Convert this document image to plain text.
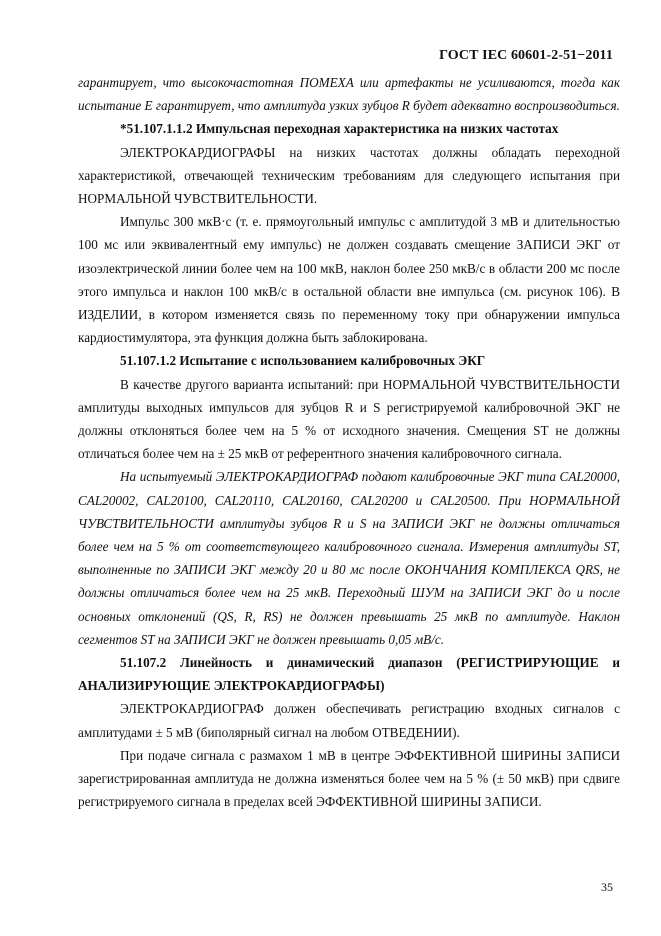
ГОСТ IEC 60601-2-51−2011

гарантирует, что высокочастотная ПОМЕХА или артефакты не усиливаются, тогда как испытание Е гарантирует, что амплитуда узких зубцов R будет адекватно воспроизводиться.

*51.107.1.1.2 Импульсная переходная характеристика на низких частотах

ЭЛЕКТРОКАРДИОГРАФЫ на низких частотах должны обладать переходной характеристикой, отвечающей техническим требованиям для следующего испытания при НОРМАЛЬНОЙ ЧУВСТВИТЕЛЬНОСТИ.

Импульс 300 мкВ·с (т. е. прямоугольный импульс с амплитудой 3 мВ и длительностью 100 мс или эквивалентный ему импульс) не должен создавать смещение ЗАПИСИ ЭКГ от изоэлектрической линии более чем на 100 мкВ, наклон более 250 мкВ/с в области 200 мс после этого импульса и наклон 100 мкВ/с в остальной области вне импульса (см. рисунок 106). В ИЗДЕЛИИ, в котором изменяется связь по переменному току при обнаружении импульса кардиостимулятора, эта функция должна быть заблокирована.

51.107.1.2 Испытание с использованием калибровочных ЭКГ

В качестве другого варианта испытаний: при НОРМАЛЬНОЙ ЧУВСТВИТЕЛЬНОСТИ амплитуды выходных импульсов для зубцов R и S регистрируемой калибровочной ЭКГ не должны отклоняться более чем на 5 % от исходного значения. Смещения ST не должны отличаться более чем на ± 25 мкВ от референтного значения калибровочного сигнала.

На испытуемый ЭЛЕКТРОКАРДИОГРАФ подают калибровочные ЭКГ типа CAL20000, CAL20002, CAL20100, CAL20110, CAL20160, CAL20200 и CAL20500. При НОРМАЛЬНОЙ ЧУВСТВИТЕЛЬНОСТИ амплитуды зубцов R и S на ЗАПИСИ ЭКГ не должны отличаться более чем на 5 % от соответствующего калибровочного сигнала. Измерения амплитуды ST, выполненные по ЗАПИСИ ЭКГ между 20 и 80 мс после ОКОНЧАНИЯ КОМПЛЕКСА QRS, не должны отличаться более чем на 25 мкВ. Переходный ШУМ на ЗАПИСИ ЭКГ до и после основных отклонений (QS, R, RS) не должен превышать 25 мкВ по амплитуде. Наклон сегментов ST на ЗАПИСИ ЭКГ не должен превышать 0,05 мВ/с.

51.107.2 Линейность и динамический диапазон (РЕГИСТРИРУЮЩИЕ и АНАЛИЗИРУЮЩИЕ ЭЛЕКТРОКАРДИОГРАФЫ)

ЭЛЕКТРОКАРДИОГРАФ должен обеспечивать регистрацию входных сигналов с амплитудами ± 5 мВ (биполярный сигнал на любом ОТВЕДЕНИИ).

При подаче сигнала с размахом 1 мВ в центре ЭФФЕКТИВНОЙ ШИРИНЫ ЗАПИСИ зарегистрированная амплитуда не должна изменяться более чем на 5 % (± 50 мкВ) при сдвиге регистрируемого сигнала в пределах всей ЭФФЕКТИВНОЙ ШИРИНЫ ЗАПИСИ.

35
